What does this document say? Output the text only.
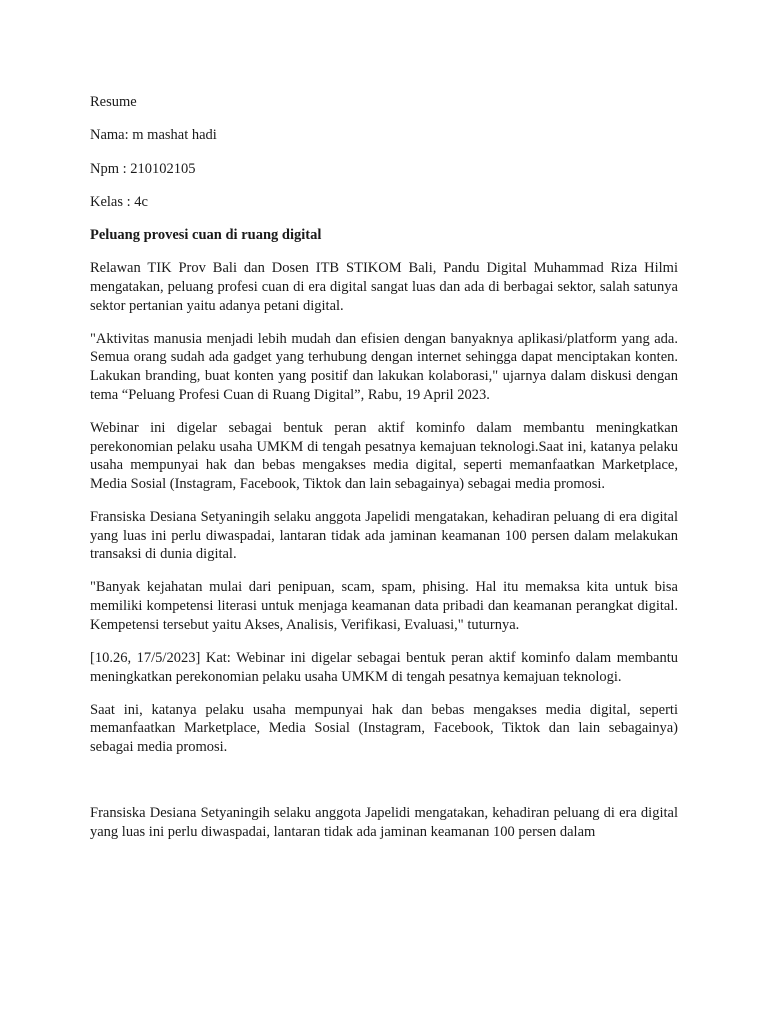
Resume

Nama: m mashat hadi

Npm : 210102105

Kelas : 4c

Peluang provesi cuan di ruang digital

Relawan TIK Prov Bali dan Dosen ITB STIKOM Bali, Pandu Digital Muhammad Riza Hilmi mengatakan, peluang profesi cuan di era digital sangat luas dan ada di berbagai sektor, salah satunya sektor pertanian yaitu adanya petani digital.

"Aktivitas manusia menjadi lebih mudah dan efisien dengan banyaknya aplikasi/platform yang ada. Semua orang sudah ada gadget yang terhubung dengan internet sehingga dapat menciptakan konten. Lakukan branding, buat konten yang positif dan lakukan kolaborasi," ujarnya dalam diskusi dengan tema “Peluang Profesi Cuan di Ruang Digital”, Rabu, 19 April 2023.

Webinar ini digelar sebagai bentuk peran aktif kominfo dalam membantu meningkatkan perekonomian pelaku usaha UMKM di tengah pesatnya kemajuan teknologi.Saat ini, katanya pelaku usaha mempunyai hak dan bebas mengakses media digital, seperti memanfaatkan Marketplace, Media Sosial (Instagram, Facebook, Tiktok dan lain sebagainya) sebagai media promosi.

Fransiska Desiana Setyaningih selaku anggota Japelidi mengatakan, kehadiran peluang di era digital yang luas ini perlu diwaspadai, lantaran tidak ada jaminan keamanan 100 persen dalam melakukan transaksi di dunia digital.

"Banyak kejahatan mulai dari penipuan, scam, spam, phising. Hal itu memaksa kita untuk bisa memiliki kompetensi literasi untuk menjaga keamanan data pribadi dan keamanan perangkat digital. Kempetensi tersebut yaitu Akses, Analisis, Verifikasi, Evaluasi," tuturnya.

[10.26, 17/5/2023] Kat: Webinar ini digelar sebagai bentuk peran aktif kominfo dalam membantu meningkatkan perekonomian pelaku usaha UMKM di tengah pesatnya kemajuan teknologi.

Saat ini, katanya pelaku usaha mempunyai hak dan bebas mengakses media digital, seperti memanfaatkan Marketplace, Media Sosial (Instagram, Facebook, Tiktok dan lain sebagainya) sebagai media promosi.

Fransiska Desiana Setyaningih selaku anggota Japelidi mengatakan, kehadiran peluang di era digital yang luas ini perlu diwaspadai, lantaran tidak ada jaminan keamanan 100 persen dalam
